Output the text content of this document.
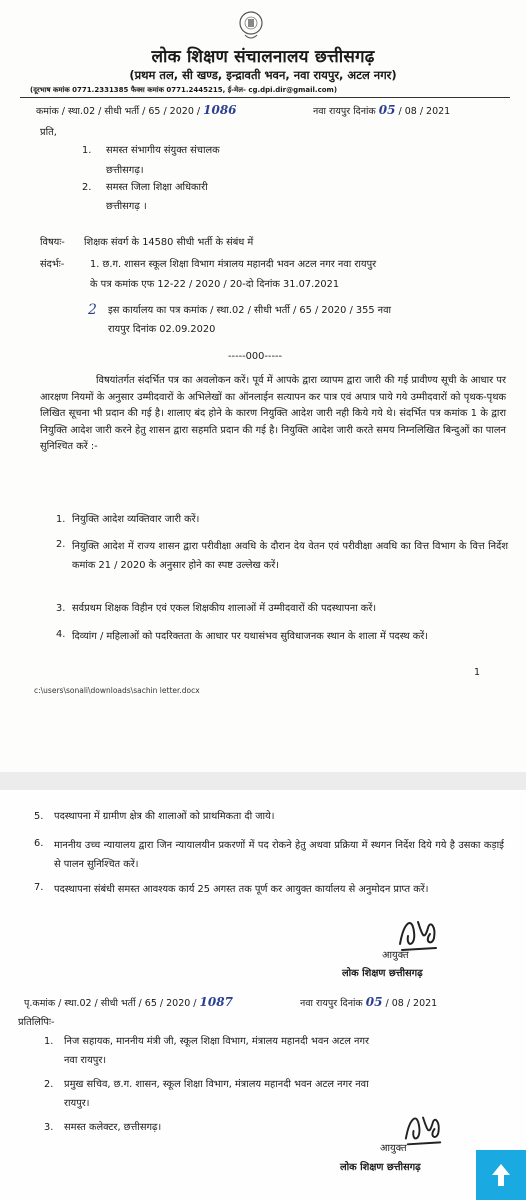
लोक शिक्षण संचालनालय छत्तीसगढ़
(प्रथम तल, सी खण्ड, इन्द्रावती भवन, नवा रायपुर, अटल नगर)
(दूरभाष कमांक 0771.2331385 फैक्स कमांक 0771.2445215, ई-मेल- cg.dpi.dir@gmail.com)
कमांक / स्था.02 / सीधी भर्ती / 65 / 2020 / 1086	नवा रायपुर दिनांक 05 / 08 / 2021
प्रति,
1. समस्त संभागीय संयुक्त संचालक
छत्तीसगढ़।
2. समस्त जिला शिक्षा अधिकारी
छत्तीसगढ़ ।
विषयः- शिक्षक संवर्ग के 14580 सीधी भर्ती के संबंध में
संदर्भः-	1. छ.ग. शासन स्कूल शिक्षा विभाग मंत्रालय महानदी भवन अटल नगर नवा रायपुर
के पत्र कमांक एफ 12-22 / 2020 / 20-दो दिनांक 31.07.2021
2 इस कार्यालय का पत्र कमांक / स्था.02 / सीधी भर्ती / 65 / 2020 / 355 नवा
रायपुर दिनांक 02.09.2020
-----000-----
विषयांतर्गत संदर्भित पत्र का अवलोकन करें। पूर्व में आपके द्वारा व्यापम द्वारा जारी की गई प्रावीण्य सूची के आधार पर आरक्षण नियमों के अनुसार उम्मीदवारों के अभिलेखों का ऑनलाईन सत्यापन कर पात्र एवं अपात्र पाये गये उम्मीदवारों को पृथक-पृथक लिखित सूचना भी प्रदान की गई है। शालाए बंद होने के कारण नियुक्ति आदेश जारी नही किये गये थे। संदर्भित पत्र कमांक 1 के द्वारा नियुक्ति आदेश जारी करने हेतु शासन द्वारा सहमति प्रदान की गई है। नियुक्ति आदेश जारी करते समय निम्नलिखित बिन्दुओं का पालन सुनिश्चित करें :-
1. नियुक्ति आदेश व्यक्तिवार जारी करें।
2. नियुक्ति आदेश में राज्य शासन द्वारा परीवीक्षा अवधि के दौरान देय वेतन एवं परीवीक्षा अवधि का वित्त विभाग के वित्त निर्देश कमांक 21 / 2020 के अनुसार होने का स्पष्ट उल्लेख करें।
3. सर्वप्रथम शिक्षक विहीन एवं एकल शिक्षकीय शालाओं में उम्मीदवारों की पदस्थापना करें।
4. दिव्यांग / महिलाओं को पदरिक्तता के आधार पर यथासंभव सुविधाजनक स्थान के शाला में पदस्थ करें।
1
c:\users\sonali\downloads\sachin letter.docx
5. पदस्थापना में ग्रामीण क्षेत्र की शालाओं को प्राथमिकता दी जाये।
6. माननीय उच्च न्यायालय द्वारा जिन न्यायालयीन प्रकरणों में पद रोकने हेतु अथवा प्रक्रिया में स्थगन निर्देश दिये गये है उसका कड़ाई से पालन सुनिश्चित करें।
7. पदस्थापना संबंधी समस्त आवश्यक कार्य 25 अगस्त तक पूर्ण कर आयुक्त कार्यालय से अनुमोदन प्राप्त करें।
आयुक्त
लोक शिक्षण छत्तीसगढ़
पृ.कमांक / स्था.02 / सीधी भर्ती / 65 / 2020 / 1087	नवा रायपुर दिनांक 05 / 08 / 2021
प्रतिलिपिः-
1. निज सहायक, माननीय मंत्री जी, स्कूल शिक्षा विभाग, मंत्रालय महानदी भवन अटल नगर
नवा रायपुर।
2. प्रमुख सचिव, छ.ग. शासन, स्कूल शिक्षा विभाग, मंत्रालय महानदी भवन अटल नगर नवा
रायपुर।
3. समस्त कलेक्टर, छत्तीसगढ़।
आयुक्त
लोक शिक्षण छत्तीसगढ़
